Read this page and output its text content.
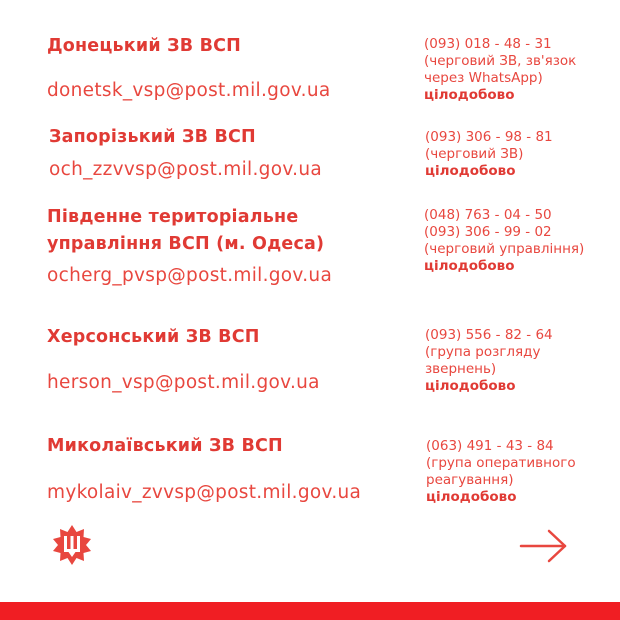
Донецький ЗВ ВСП
donetsk_vsp@post.mil.gov.ua
(093) 018 - 48 - 31
(черговий ЗВ, зв'язок
через WhatsApp)
цілодобово
Запорізький ЗВ ВСП
och_zzvvsp@post.mil.gov.ua
(093) 306 - 98 - 81
(черговий ЗВ)
цілодобово
Південне територіальне
управління ВСП (м. Одеса)
ocherg_pvsp@post.mil.gov.ua
(048) 763 - 04 - 50
(093) 306 - 99 - 02
(черговий управління)
цілодобово
Херсонський ЗВ ВСП
herson_vsp@post.mil.gov.ua
(093) 556 - 82 - 64
(група розгляду
звернень)
цілодобово
Миколаївський ЗВ ВСП
mykolaiv_zvvsp@post.mil.gov.ua
(063) 491 - 43 - 84
(група оперативного
реагування)
цілодобово
